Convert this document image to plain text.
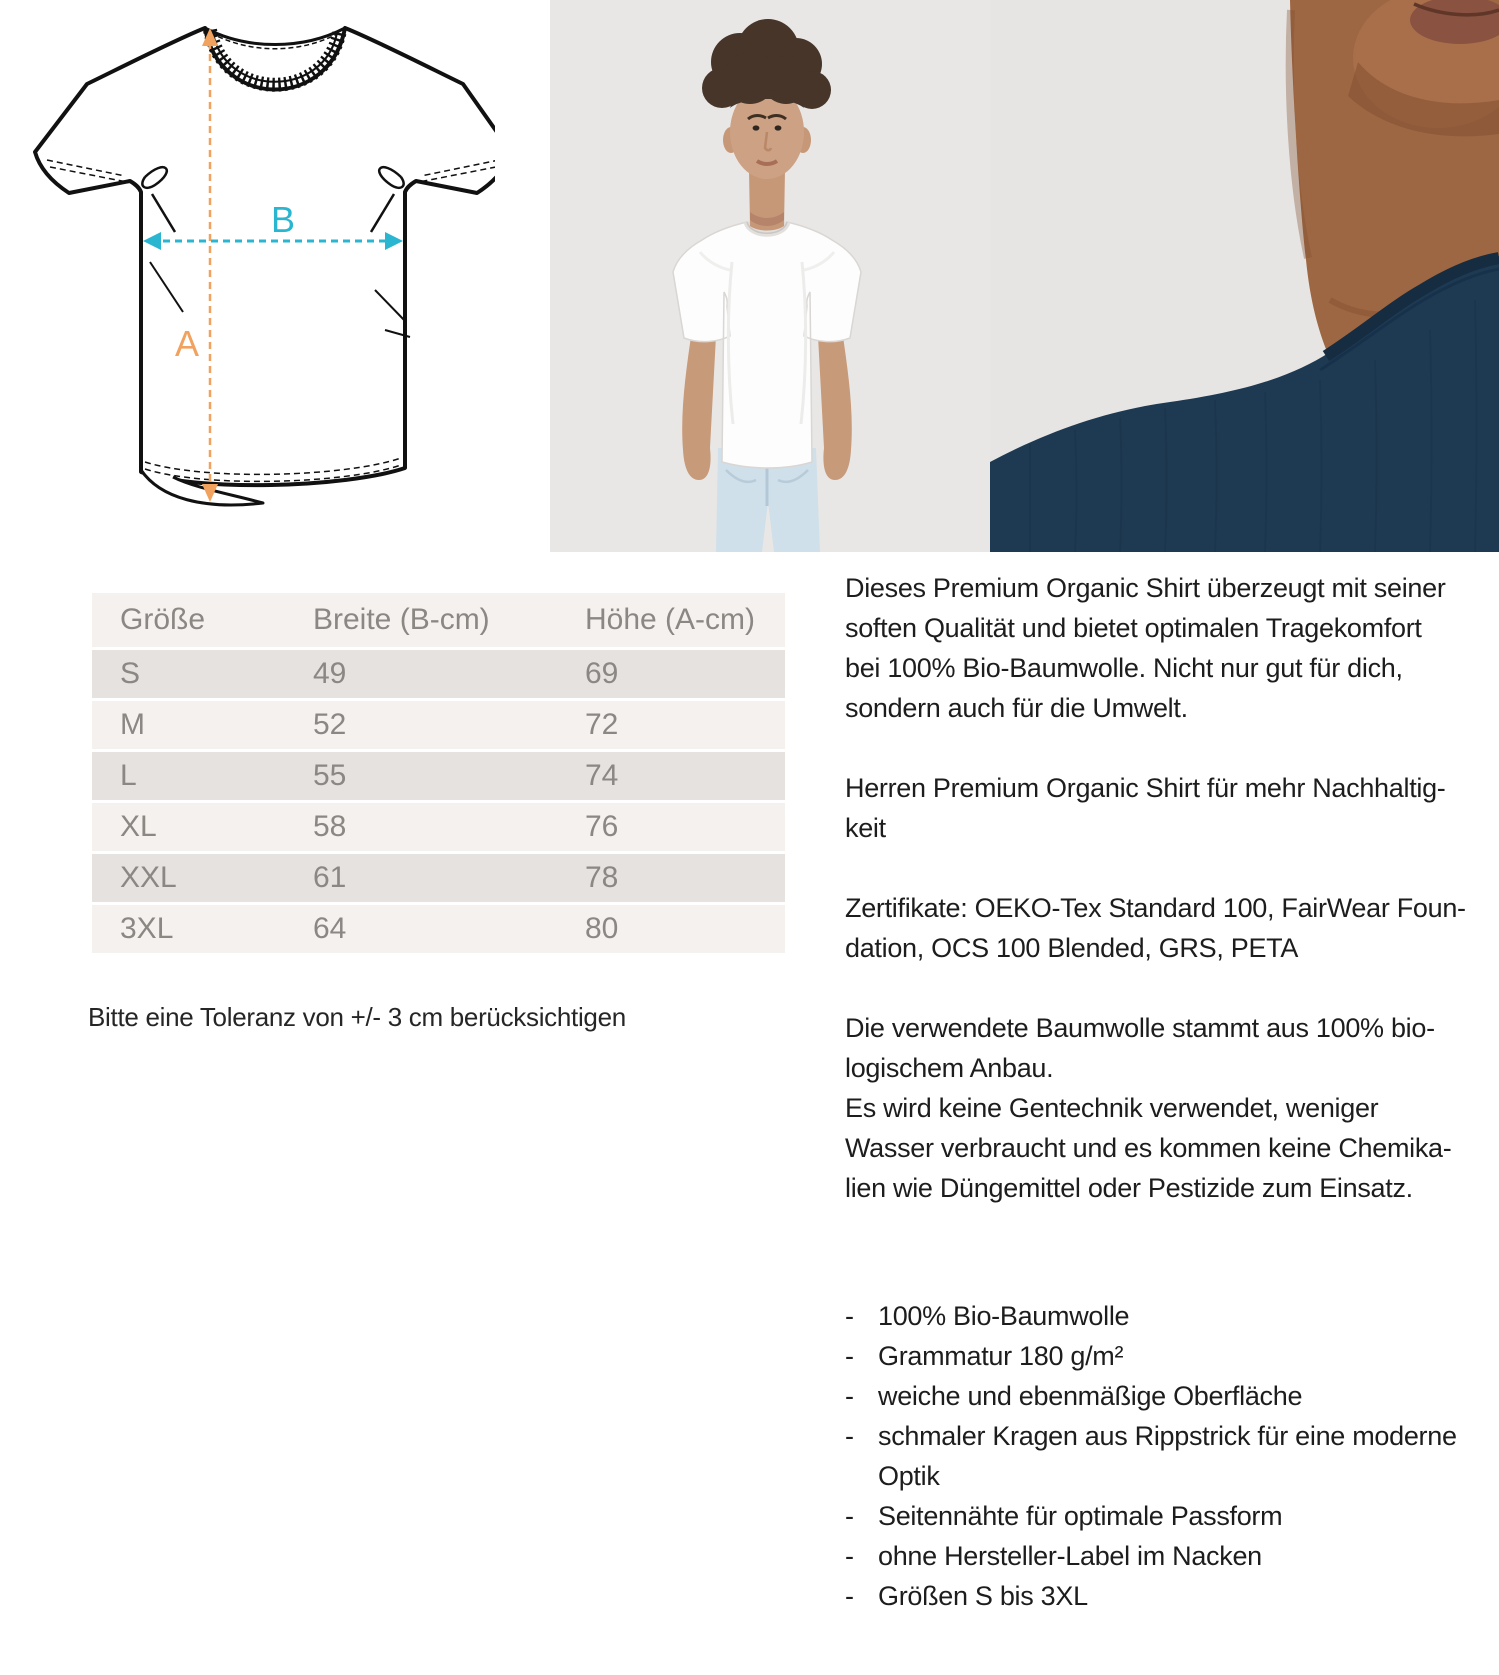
A
B
Größe	Breite (B-cm)	Höhe (A-cm)
S	49	69
M	52	72
L	55	74
XL	58	76
XXL	61	78
3XL	64	80
Bitte eine Toleranz von +/- 3 cm berücksichtigen
Dieses Premium Organic Shirt überzeugt mit seiner
soften Qualität und bietet optimalen Tragekomfort
bei 100% Bio-Baumwolle. Nicht nur gut für dich,
sondern auch für die Umwelt.
Herren Premium Organic Shirt für mehr Nachhaltig-
keit
Zertifikate: OEKO-Tex Standard 100, FairWear Foun-
dation, OCS 100 Blended, GRS, PETA
Die verwendete Baumwolle stammt aus 100% bio-
logischem Anbau.
Es wird keine Gentechnik verwendet, weniger
Wasser verbraucht und es kommen keine Chemika-
lien wie Düngemittel oder Pestizide zum Einsatz.
- 100% Bio-Baumwolle
- Grammatur 180 g/m²
- weiche und ebenmäßige Oberfläche
- schmaler Kragen aus Rippstrick für eine moderne
Optik
- Seitennähte für optimale Passform
- ohne Hersteller-Label im Nacken
- Größen S bis 3XL
